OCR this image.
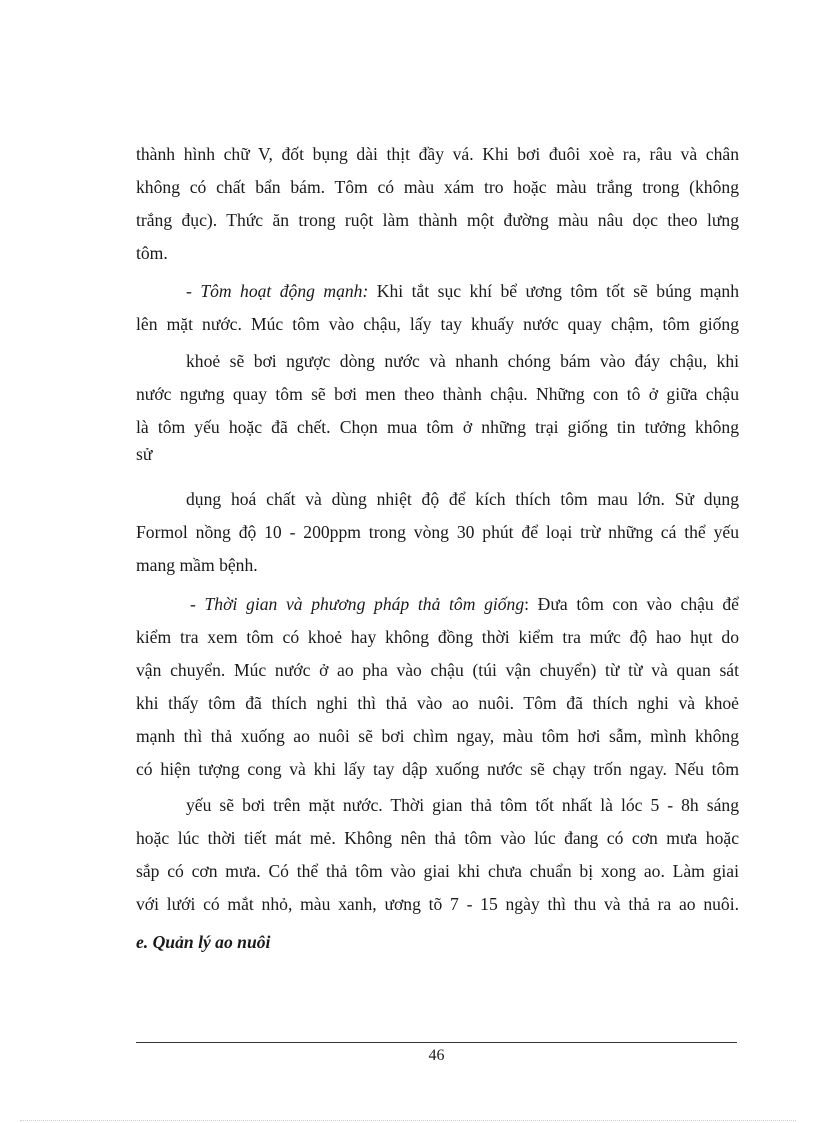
thành hình chữ V, đốt bụng dài thịt đầy vá. Khi bơi đuôi xoè ra, râu và chân
không có chất bẩn bám. Tôm có màu xám tro hoặc màu trắng trong (không
trắng đục). Thức ăn trong ruột làm thành một đường màu nâu dọc theo lưng
tôm.
- Tôm hoạt động mạnh: Khi tắt sục khí bể ương tôm tốt sẽ búng mạnh
lên mặt nước. Múc tôm vào chậu, lấy tay khuấy nước quay chậm, tôm giống
khoẻ sẽ bơi ngược dòng nước và nhanh chóng bám vào đáy chậu, khi
nước ngưng quay tôm sẽ bơi men theo thành chậu. Những con tô ở giữa chậu
là tôm yếu hoặc đã chết. Chọn mua tôm ở những trại giống tin tưởng không
sử
dụng hoá chất và dùng nhiệt độ để kích thích tôm mau lớn. Sử dụng
Formol nồng độ 10 - 200ppm trong vòng 30 phút để loại trừ những cá thể yếu
mang mầm bệnh.
- Thời gian và phương pháp thả tôm giống: Đưa tôm con vào chậu để
kiểm tra xem tôm có khoẻ hay không đồng thời kiểm tra mức độ hao hụt do
vận chuyển. Múc nước ở ao pha vào chậu (túi vận chuyển) từ từ và quan sát
khi thấy tôm đã thích nghi thì thả vào ao nuôi. Tôm đã thích nghi và khoẻ
mạnh thì thả xuống ao nuôi sẽ bơi chìm ngay, màu tôm hơi sẫm, mình không
có hiện tượng cong và khi lấy tay dập xuống nước sẽ chạy trốn ngay. Nếu tôm
yếu sẽ bơi trên mặt nước. Thời gian thả tôm tốt nhất là lóc 5 - 8h sáng
hoặc lúc thời tiết mát mẻ. Không nên thả tôm vào lúc đang có cơn mưa hoặc
sắp có cơn mưa. Có thể thả tôm vào giai khi chưa chuẩn bị xong ao. Làm giai
với lưới có mắt nhỏ, màu xanh, ương tõ 7 - 15 ngày thì thu và thả ra ao nuôi.
e. Quản lý ao nuôi
46
